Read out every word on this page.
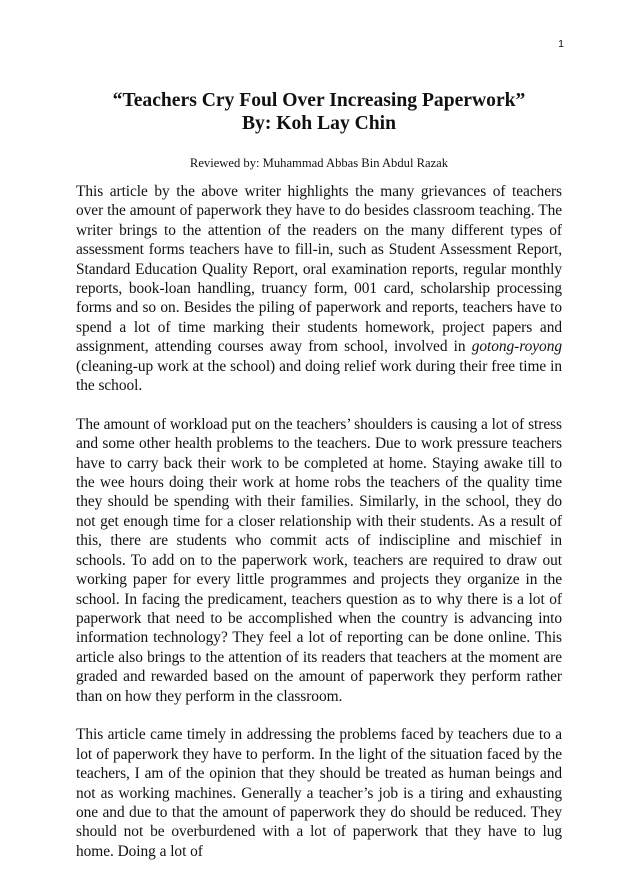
1
“Teachers Cry Foul Over Increasing Paperwork”
By: Koh Lay Chin
Reviewed by: Muhammad Abbas Bin Abdul Razak

This article by the above writer highlights the many grievances of teachers over the amount of paperwork they have to do besides classroom teaching. The writer brings to the attention of the readers on the many different types of assessment forms teachers have to fill-in, such as Student Assessment Report, Standard Education Quality Report, oral examination reports, regular monthly reports, book-loan handling, truancy form, 001 card, scholarship processing forms and so on. Besides the piling of paperwork and reports, teachers have to spend a lot of time marking their students homework, project papers and assignment, attending courses away from school, involved in gotong-royong (cleaning-up work at the school) and doing relief work during their free time in the school.

The amount of workload put on the teachers’ shoulders is causing a lot of stress and some other health problems to the teachers. Due to work pressure teachers have to carry back their work to be completed at home. Staying awake till to the wee hours doing their work at home robs the teachers of the quality time they should be spending with their families. Similarly, in the school, they do not get enough time for a closer relationship with their students. As a result of this, there are students who commit acts of indiscipline and mischief in schools. To add on to the paperwork work, teachers are required to draw out working paper for every little programmes and projects they organize in the school. In facing the predicament, teachers question as to why there is a lot of paperwork that need to be accomplished when the country is advancing into information technology? They feel a lot of reporting can be done online. This article also brings to the attention of its readers that teachers at the moment are graded and rewarded based on the amount of paperwork they perform rather than on how they perform in the classroom.

This article came timely in addressing the problems faced by teachers due to a lot of paperwork they have to perform. In the light of the situation faced by the teachers, I am of the opinion that they should be treated as human beings and not as working machines. Generally a teacher’s job is a tiring and exhausting one and due to that the amount of paperwork they do should be reduced. They should not be overburdened with a lot of paperwork that they have to lug home. Doing a lot of
